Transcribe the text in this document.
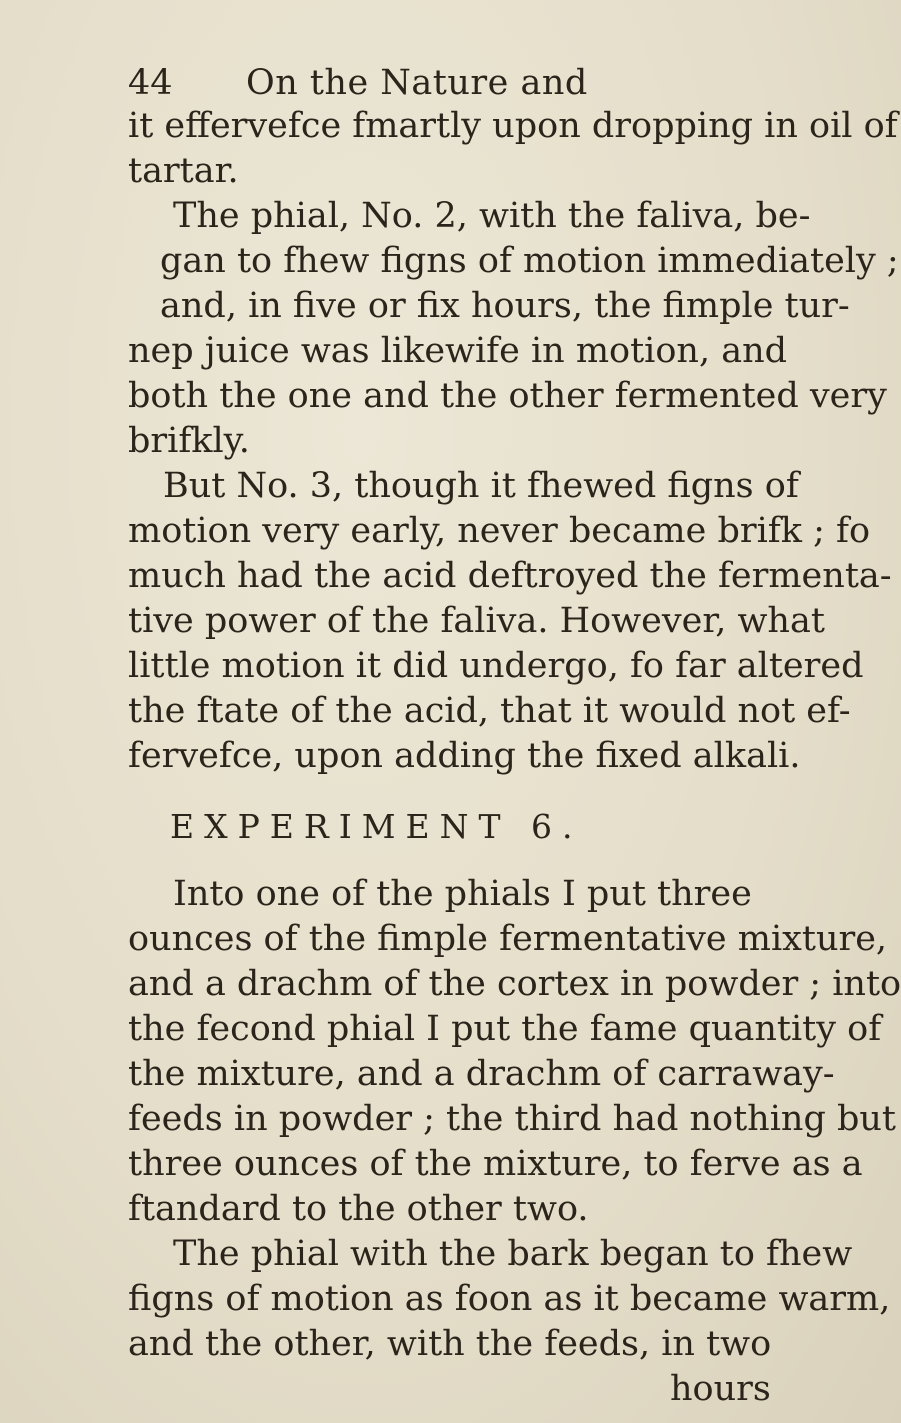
44 On the Nature and
it effervefce fmartly upon dropping in oil of
tartar.
The phial, No. 2, with the faliva, be-
gan to fhew figns of motion immediately ;
and, in five or fix hours, the fimple tur-
nep juice was likewife in motion, and
both the one and the other fermented very
brifkly.
But No. 3, though it fhewed figns of
motion very early, never became brifk ; fo
much had the acid deftroyed the fermenta-
tive power of the faliva. However, what
little motion it did undergo, fo far altered
the ftate of the acid, that it would not ef-
fervefce, upon adding the fixed alkali.
EXPERIMENT 6.
Into one of the phials I put three
ounces of the fimple fermentative mixture,
and a drachm of the cortex in powder ; into
the fecond phial I put the fame quantity of
the mixture, and a drachm of carraway-
feeds in powder ; the third had nothing but
three ounces of the mixture, to ferve as a
ftandard to the other two.
hours
The phial with the bark began to fhew
figns of motion as foon as it became warm,
and the other, with the feeds, in two
